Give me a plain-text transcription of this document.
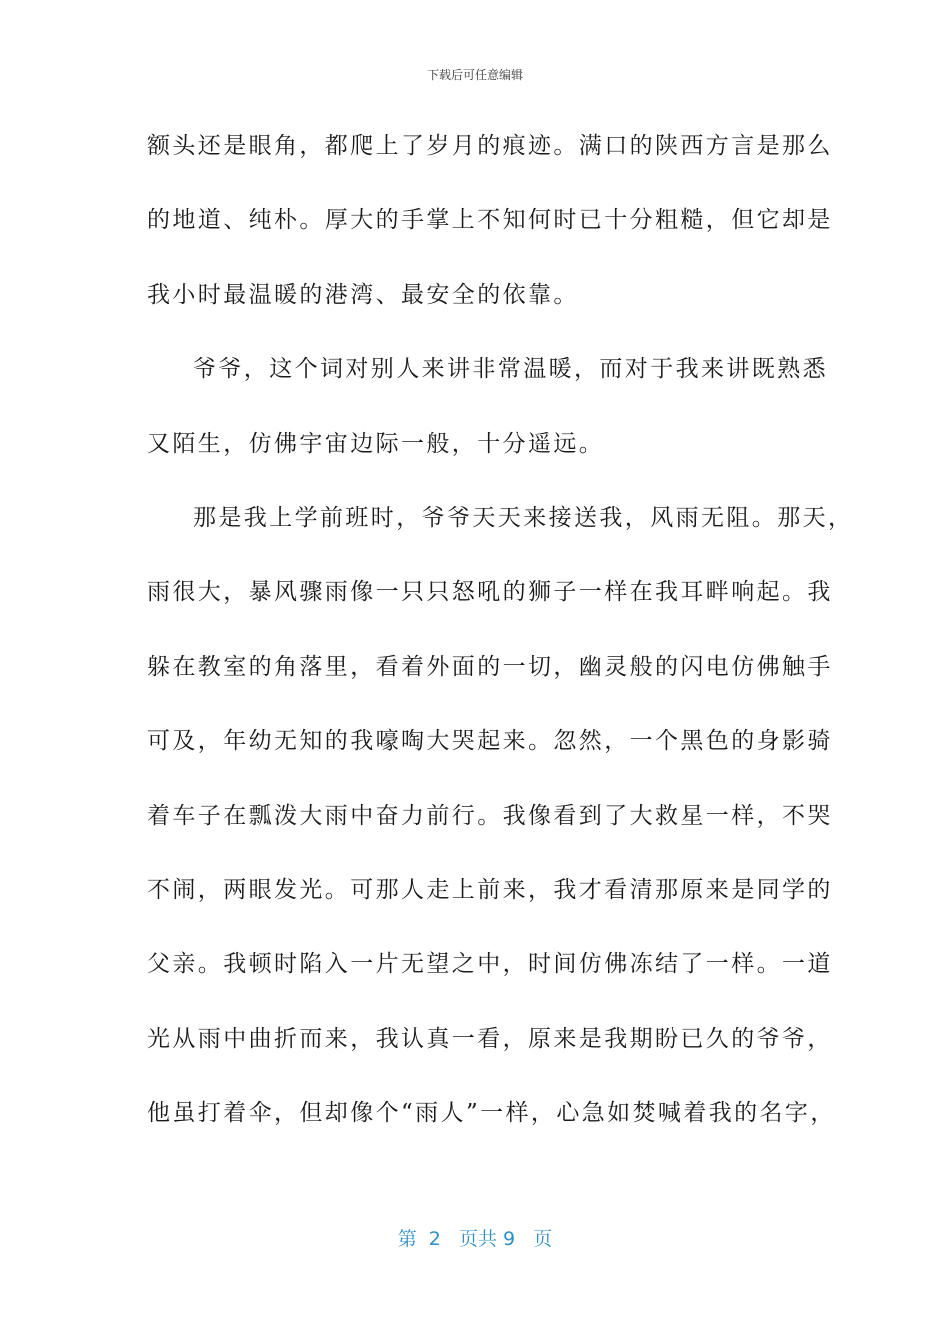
下载后可任意编辑
额头还是眼角，都爬上了岁月的痕迹。满口的陕西方言是那么
的地道、纯朴。厚大的手掌上不知何时已十分粗糙，但它却是
我小时最温暖的港湾、最安全的依靠。
爷爷，这个词对别人来讲非常温暖，而对于我来讲既熟悉
又陌生，仿佛宇宙边际一般，十分遥远。
那是我上学前班时，爷爷天天来接送我，风雨无阻。那天，
雨很大，暴风骤雨像一只只怒吼的狮子一样在我耳畔响起。我
躲在教室的角落里，看着外面的一切，幽灵般的闪电仿佛触手
可及，年幼无知的我嚎啕大哭起来。忽然，一个黑色的身影骑
着车子在瓢泼大雨中奋力前行。我像看到了大救星一样，不哭
不闹，两眼发光。可那人走上前来，我才看清那原来是同学的
父亲。我顿时陷入一片无望之中，时间仿佛冻结了一样。一道
光从雨中曲折而来，我认真一看，原来是我期盼已久的爷爷，
他虽打着伞，但却像个“雨人”一样，心急如焚喊着我的名字，
第  2   页共 9   页
